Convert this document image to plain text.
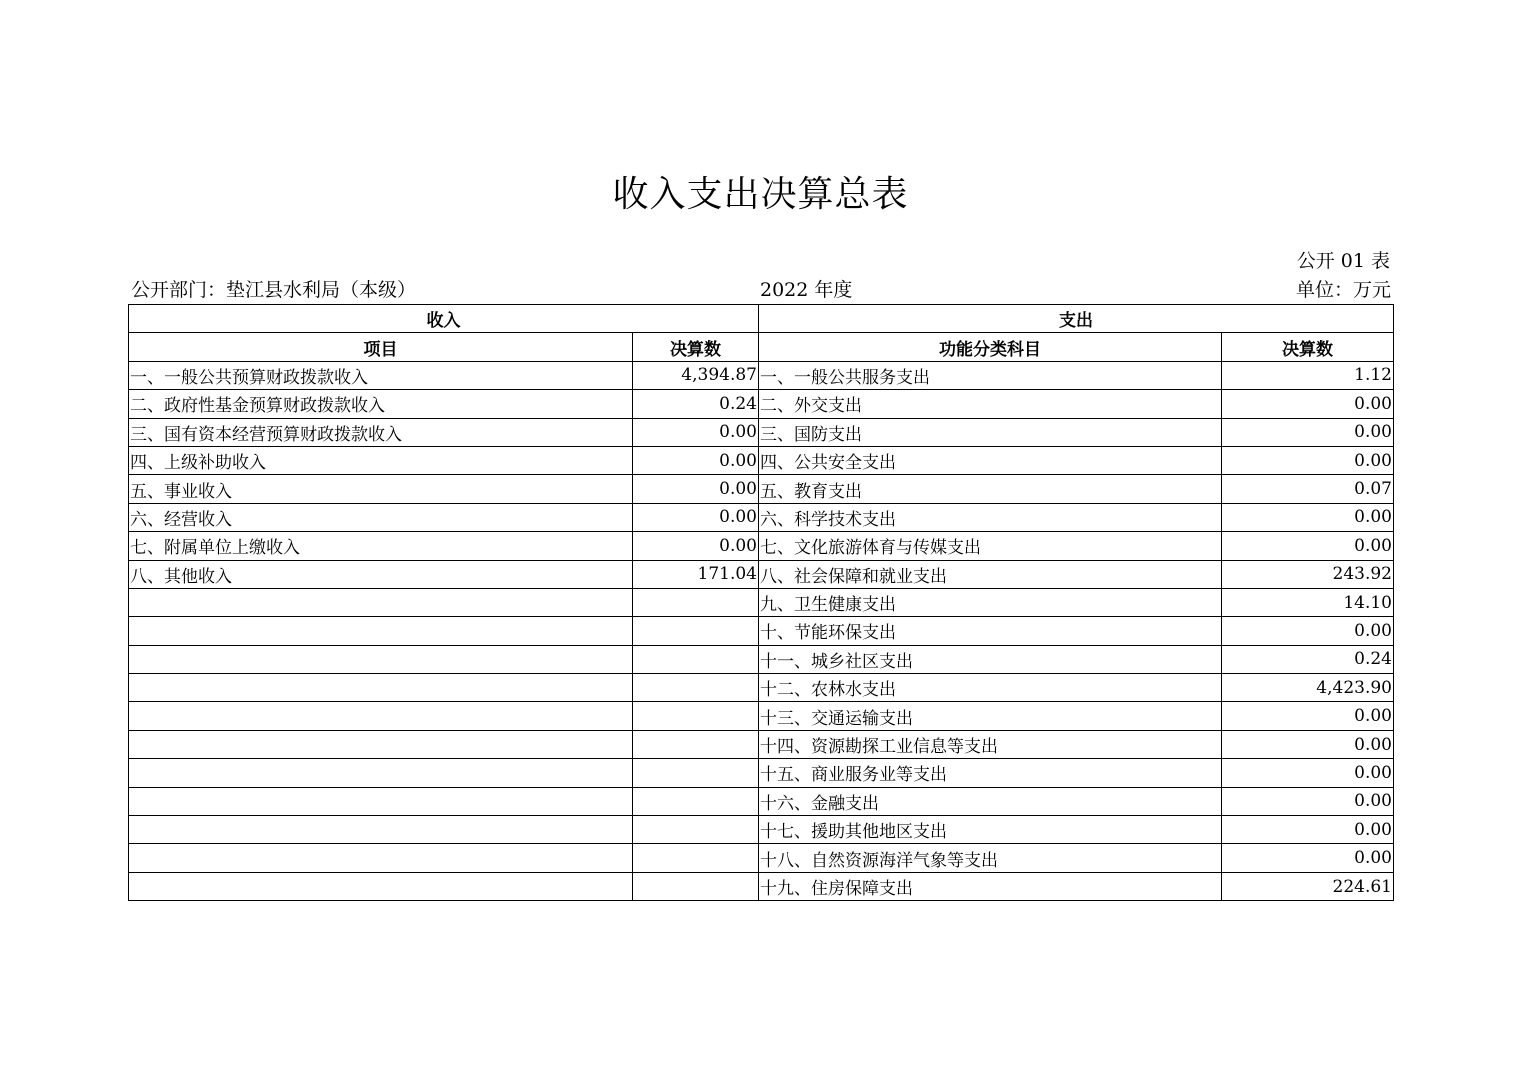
收入支出决算总表
公开 01 表
公开部门：垫江县水利局（本级）	2022 年度	单位：万元
收入		支出	
项目	决算数	功能分类科目	决算数
一、一般公共预算财政拨款收入	4,394.87	一、一般公共服务支出	1.12
二、政府性基金预算财政拨款收入	0.24	二、外交支出	0.00
三、国有资本经营预算财政拨款收入	0.00	三、国防支出	0.00
四、上级补助收入	0.00	四、公共安全支出	0.00
五、事业收入	0.00	五、教育支出	0.07
六、经营收入	0.00	六、科学技术支出	0.00
七、附属单位上缴收入	0.00	七、文化旅游体育与传媒支出	0.00
八、其他收入	171.04	八、社会保障和就业支出	243.92
		九、卫生健康支出	14.10
		十、节能环保支出	0.00
		十一、城乡社区支出	0.24
		十二、农林水支出	4,423.90
		十三、交通运输支出	0.00
		十四、资源勘探工业信息等支出	0.00
		十五、商业服务业等支出	0.00
		十六、金融支出	0.00
		十七、援助其他地区支出	0.00
		十八、自然资源海洋气象等支出	0.00
		十九、住房保障支出	224.61
